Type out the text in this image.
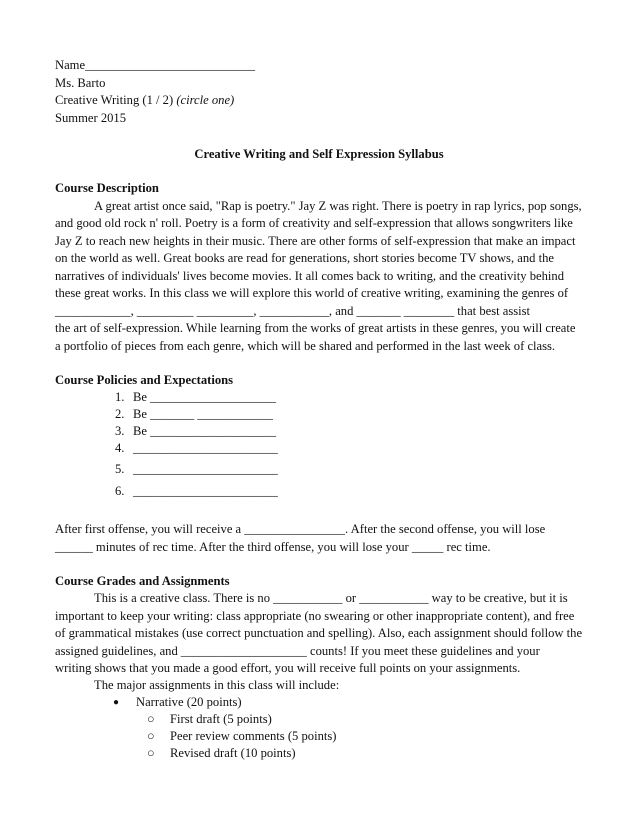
Name___________________________
Ms. Barto
Creative Writing (1 / 2) (circle one)
Summer 2015
Creative Writing and Self Expression Syllabus
Course Description
A great artist once said, "Rap is poetry." Jay Z was right. There is poetry in rap lyrics, pop songs,
and good old rock n' roll. Poetry is a form of creativity and self-expression that allows songwriters like
Jay Z to reach new heights in their music. There are other forms of self-expression that make an impact
on the world as well. Great books are read for generations, short stories become TV shows, and the
narratives of individuals' lives become movies. It all comes back to writing, and the creativity behind
these great works. In this class we will explore this world of creative writing, examining the genres of
____________, _________ _________, ___________, and _______ ________ that best assist
the art of self-expression. While learning from the works of great artists in these genres, you will create
a portfolio of pieces from each genre, which will be shared and performed in the last week of class.
Course Policies and Expectations
1. Be ____________________
2. Be _______ ____________
3. Be ____________________
4. _______________________
5. _______________________
6. _______________________
After first offense, you will receive a ________________. After the second offense, you will lose
______ minutes of rec time. After the third offense, you will lose your _____ rec time.
Course Grades and Assignments
This is a creative class. There is no ___________ or ___________ way to be creative, but it is
important to keep your writing: class appropriate (no swearing or other inappropriate content), and free
of grammatical mistakes (use correct punctuation and spelling). Also, each assignment should follow the
assigned guidelines, and ____________________ counts! If you meet these guidelines and your
writing shows that you made a good effort, you will receive full points on your assignments.
The major assignments in this class will include:
● Narrative (20 points)
○ First draft (5 points)
○ Peer review comments (5 points)
○ Revised draft (10 points)
